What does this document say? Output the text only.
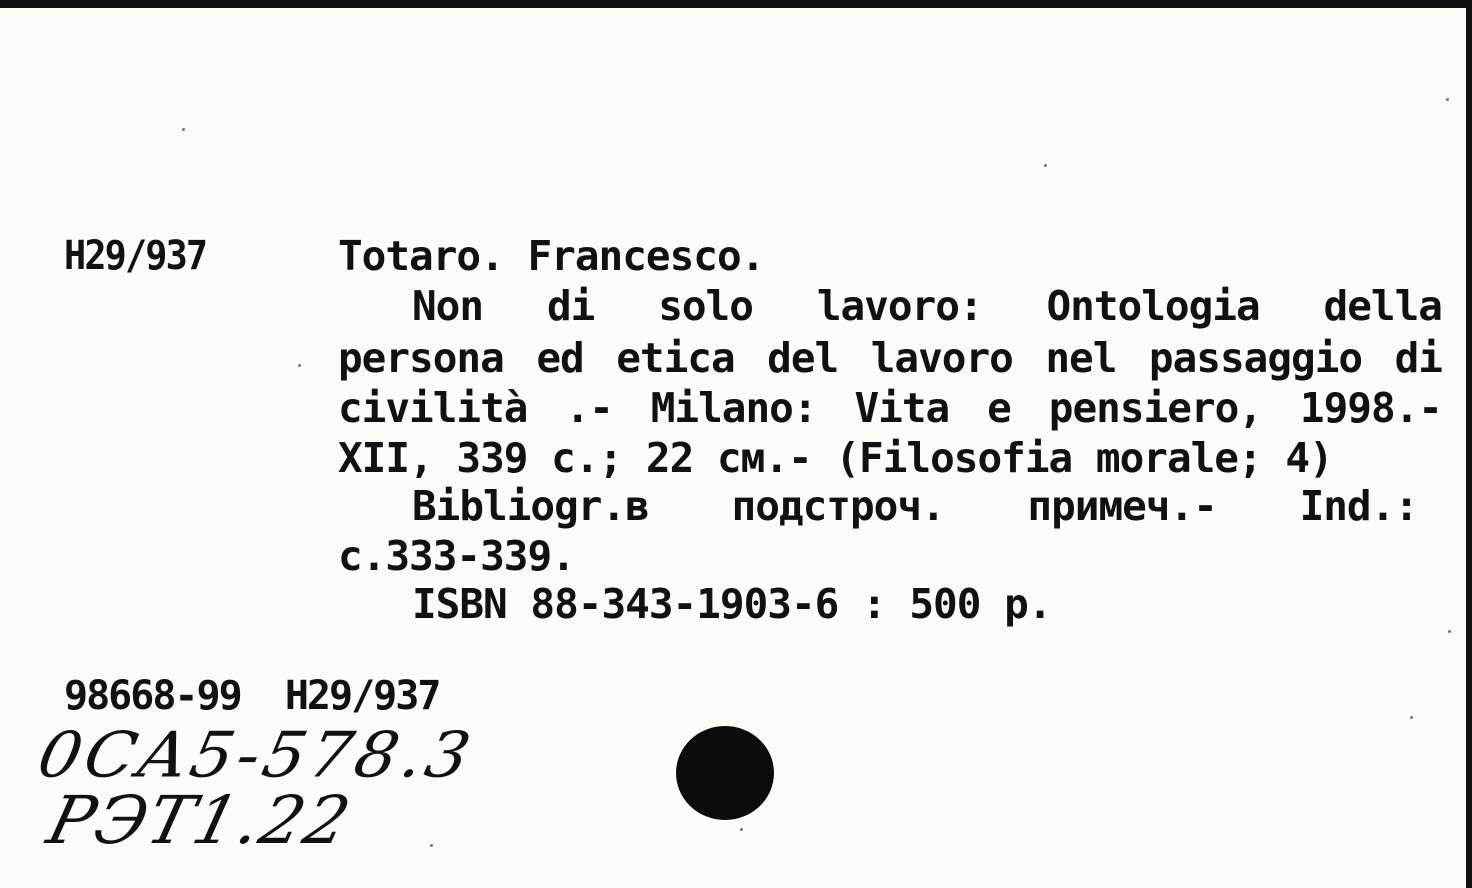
H29/937	Totaro. Francesco.
Non di solo lavoro: Ontologia della
persona ed etica del lavoro nel passaggio di
civilità .- Milano: Vita e pensiero, 1998.-
XII, 339 c.; 22 см.- (Filosofia morale; 4)
Bibliogr.в подстроч. примеч.- Ind.:
c.333-339.
ISBN 88-343-1903-6 : 500 р.
98668-99  H29/937
0CA5-578.3
PЭT1.22
